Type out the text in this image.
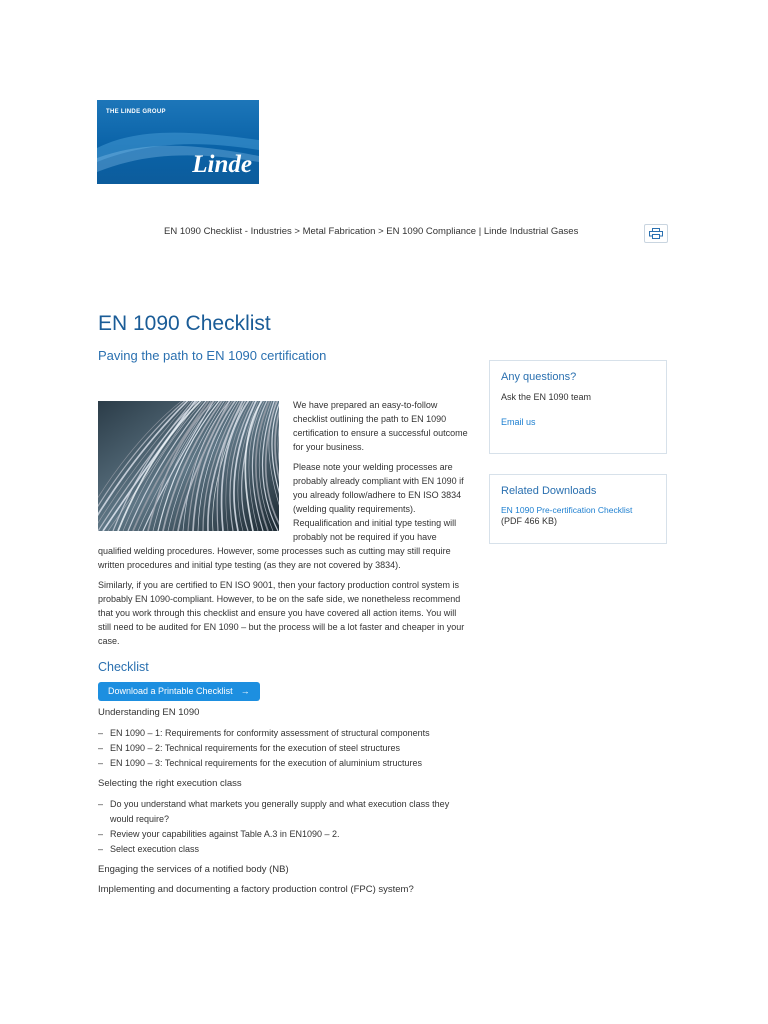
THE LINDE GROUP
Linde
EN 1090 Checklist - Industries > Metal Fabrication > EN 1090 Compliance | Linde Industrial Gases
EN 1090 Checklist
Paving the path to EN 1090 certification

We have prepared an easy-to-follow checklist outlining the path to EN 1090 certification to ensure a successful outcome for your business.

Please note your welding processes are probably already compliant with EN 1090 if you already follow/adhere to EN ISO 3834 (welding quality requirements). Requalification and initial type testing will probably not be required if you have qualified welding procedures. However, some processes such as cutting may still require written procedures and initial type testing (as they are not covered by 3834).

Similarly, if you are certified to EN ISO 9001, then your factory production control system is probably EN 1090-compliant. However, to be on the safe side, we nonetheless recommend that you work through this checklist and ensure you have covered all action items. You will still need to be audited for EN 1090 – but the process will be a lot faster and cheaper in your case.

Checklist
Download a Printable Checklist →
Understanding EN 1090
– EN 1090 – 1: Requirements for conformity assessment of structural components
– EN 1090 – 2: Technical requirements for the execution of steel structures
– EN 1090 – 3: Technical requirements for the execution of aluminium structures
Selecting the right execution class
– Do you understand what markets you generally supply and what execution class they would require?
– Review your capabilities against Table A.3 in EN1090 – 2.
– Select execution class
Engaging the services of a notified body (NB)
Implementing and documenting a factory production control (FPC) system?
Any questions?
Ask the EN 1090 team
Email us
Related Downloads
EN 1090 Pre-certification Checklist
(PDF 466 KB)
